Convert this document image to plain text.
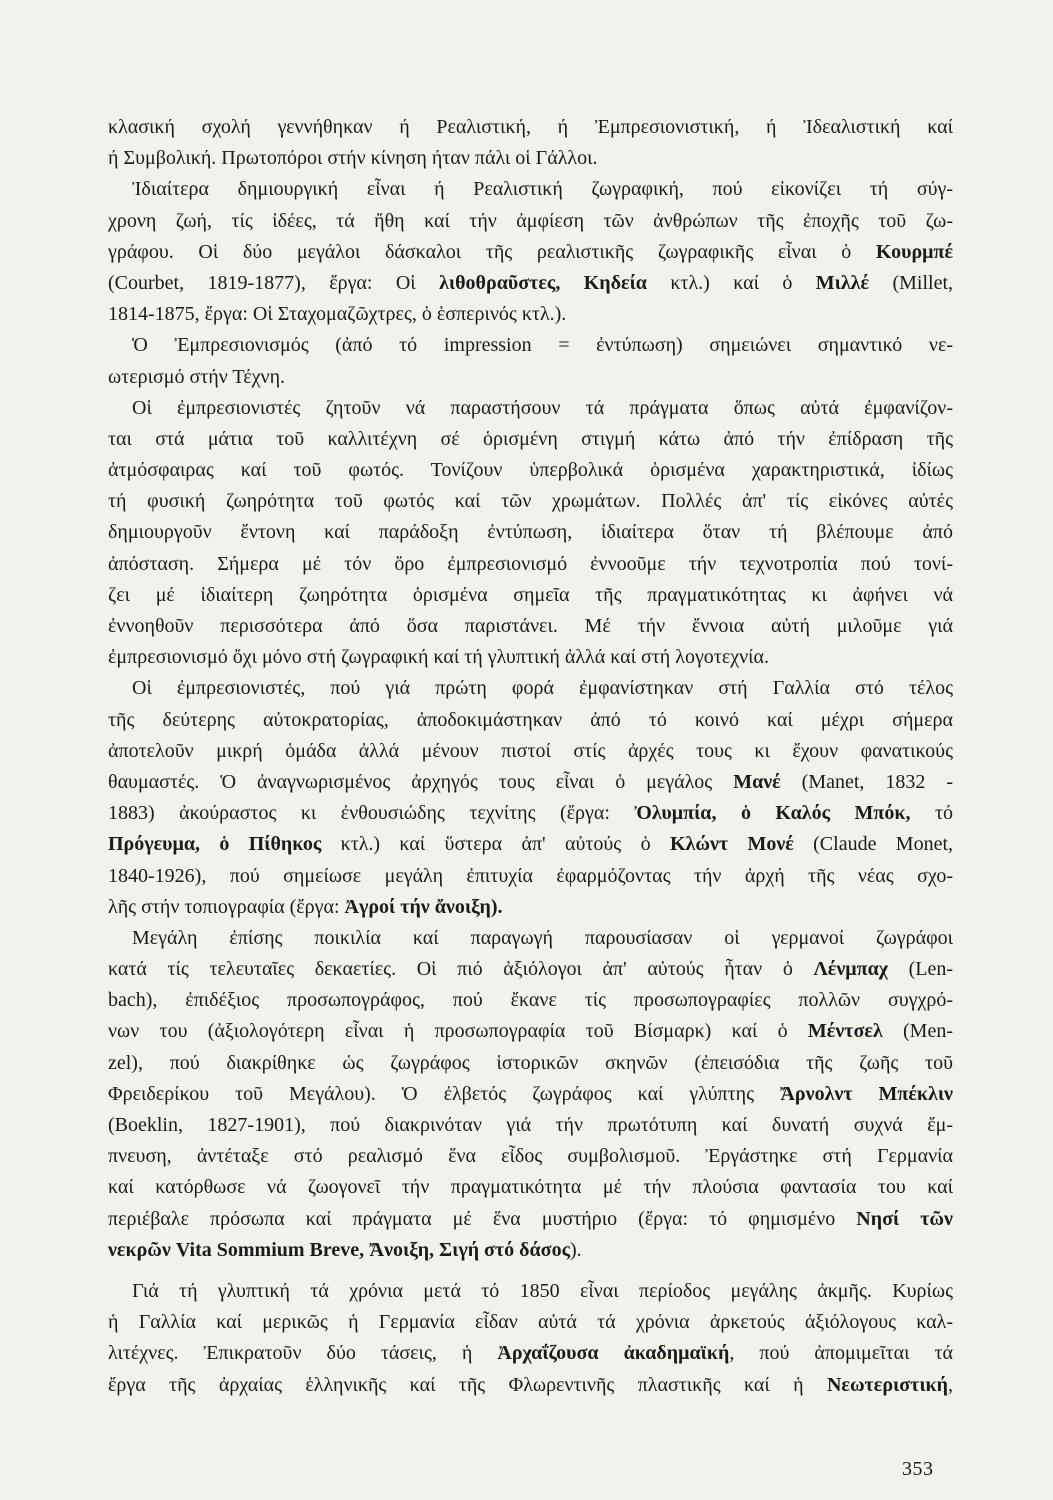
κλασική σχολή γεννήθηκαν ή Ρεαλιστική, ή Ἐμπρεσιονιστική, ή Ἰδεαλιστική καί
ή Συμβολική. Πρωτοπόροι στήν κίνηση ήταν πάλι οἱ Γάλλοι.
Ἰδιαίτερα δημιουργική εἶναι ή Ρεαλιστική ζωγραφική, πού εἰκονίζει τή σύγ-
χρονη ζωή, τίς ἰδέες, τά ἤθη καί τήν ἀμφίεση τῶν ἀνθρώπων τῆς ἐποχῆς τοῦ ζω-
γράφου. Οἱ δύο μεγάλοι δάσκαλοι τῆς ρεαλιστικῆς ζωγραφικῆς εἶναι ὁ Κουρμπέ
(Courbet, 1819-1877), ἔργα: Οἱ λιθοθραῦστες, Κηδεία κτλ.) καί ὁ Μιλλέ (Millet,
1814-1875, ἔργα: Οἱ Σταχομαζῶχτρες, ὁ ἑσπερινός κτλ.).
Ὁ Ἐμπρεσιονισμός (ἀπό τό impression = ἐντύπωση) σημειώνει σημαντικό νε-
ωτερισμό στήν Τέχνη.
Οἱ ἐμπρεσιονιστές ζητοῦν νά παραστήσουν τά πράγματα ὅπως αὐτά ἐμφανίζον-
ται στά μάτια τοῦ καλλιτέχνη σέ ὁρισμένη στιγμή κάτω ἀπό τήν ἐπίδραση τῆς
ἀτμόσφαιρας καί τοῦ φωτός. Τονίζουν ὑπερβολικά ὁρισμένα χαρακτηριστικά, ἰδίως
τή φυσική ζωηρότητα τοῦ φωτός καί τῶν χρωμάτων. Πολλές ἀπ' τίς εἰκόνες αὐτές
δημιουργοῦν ἔντονη καί παράδοξη ἐντύπωση, ἰδιαίτερα ὅταν τή βλέπουμε ἀπό
ἀπόσταση. Σήμερα μέ τόν ὅρο ἐμπρεσιονισμό ἐννοοῦμε τήν τεχνοτροπία πού τονί-
ζει μέ ἰδιαίτερη ζωηρότητα ὁρισμένα σημεῖα τῆς πραγματικότητας κι ἀφήνει νά
ἐννοηθοῦν περισσότερα ἀπό ὅσα παριστάνει. Μέ τήν ἔννοια αὐτή μιλοῦμε γιά
ἐμπρεσιονισμό ὄχι μόνο στή ζωγραφική καί τή γλυπτική ἀλλά καί στή λογοτεχνία.
Οἱ ἐμπρεσιονιστές, πού γιά πρώτη φορά ἐμφανίστηκαν στή Γαλλία στό τέλος
τῆς δεύτερης αὐτοκρατορίας, ἀποδοκιμάστηκαν ἀπό τό κοινό καί μέχρι σήμερα
ἀποτελοῦν μικρή ὁμάδα ἀλλά μένουν πιστοί στίς ἀρχές τους κι ἔχουν φανατικούς
θαυμαστές. Ὁ ἀναγνωρισμένος ἀρχηγός τους εἶναι ὁ μεγάλος Μανέ (Manet, 1832 -
1883) ἀκούραστος κι ἐνθουσιώδης τεχνίτης (ἔργα: Ὀλυμπία, ὁ Καλός Μπόκ, τό
Πρόγευμα, ὁ Πίθηκος κτλ.) καί ὕστερα ἀπ' αὐτούς ὁ Κλώντ Μονέ (Claude Monet,
1840-1926), πού σημείωσε μεγάλη ἐπιτυχία ἐφαρμόζοντας τήν ἀρχή τῆς νέας σχο-
λῆς στήν τοπιογραφία (ἔργα: Ἀγροί τήν ἄνοιξη).
Μεγάλη ἐπίσης ποικιλία καί παραγωγή παρουσίασαν οἱ γερμανοί ζωγράφοι
κατά τίς τελευταῖες δεκαετίες. Οἱ πιό ἀξιόλογοι ἀπ' αὐτούς ἦταν ὁ Λένμπαχ (Len-
bach), ἐπιδέξιος προσωπογράφος, πού ἔκανε τίς προσωπογραφίες πολλῶν συγχρό-
νων του (ἀξιολογότερη εἶναι ἡ προσωπογραφία τοῦ Βίσμαρκ) καί ὁ Μέντσελ (Men-
zel), πού διακρίθηκε ὡς ζωγράφος ἱστορικῶν σκηνῶν (ἐπεισόδια τῆς ζωῆς τοῦ
Φρειδερίκου τοῦ Μεγάλου). Ὁ ἐλβετός ζωγράφος καί γλύπτης Ἄρνολντ Μπέκλιν
(Boeklin, 1827-1901), πού διακρινόταν γιά τήν πρωτότυπη καί δυνατή συχνά ἔμ-
πνευση, ἀντέταξε στό ρεαλισμό ἕνα εἶδος συμβολισμοῦ. Ἐργάστηκε στή Γερμανία
καί κατόρθωσε νά ζωογονεῖ τήν πραγματικότητα μέ τήν πλούσια φαντασία του καί
περιέβαλε πρόσωπα καί πράγματα μέ ἕνα μυστήριο (ἔργα: τό φημισμένο Νησί τῶν
νεκρῶν Vita Sommium Breve, Ἄνοιξη, Σιγή στό δάσος).
Γιά τή γλυπτική τά χρόνια μετά τό 1850 εἶναι περίοδος μεγάλης ἀκμῆς. Κυρίως
ἡ Γαλλία καί μερικῶς ἡ Γερμανία εἶδαν αὐτά τά χρόνια ἀρκετούς ἀξιόλογους καλ-
λιτέχνες. Ἐπικρατοῦν δύο τάσεις, ἡ Ἀρχαΐζουσα ἀκαδημαϊκή, πού ἀπομιμεῖται τά
ἔργα τῆς ἀρχαίας ἑλληνικῆς καί τῆς Φλωρεντινῆς πλαστικῆς καί ἡ Νεωτεριστική,
353
